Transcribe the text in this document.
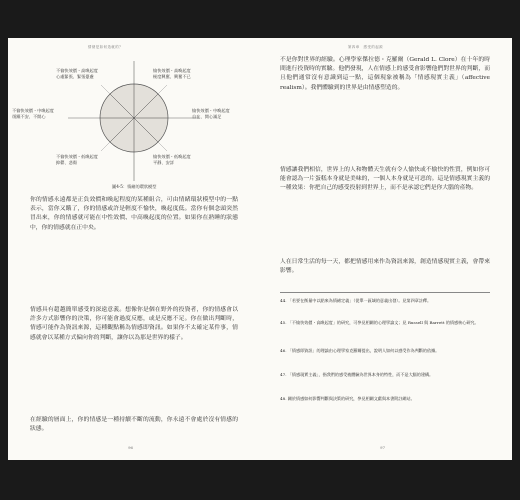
情緒是如何造就的？
不愉快效價・高喚起度
心處緊張、緊張憂慮
愉快效價・高喚起度
極度興奮、興奮不已
不愉快效價・中喚起度
煩躁不安、不開心
愉快效價・中喚起度
自在、開心滿足
不愉快效價・低喚起度
抑鬱、悲傷
愉快效價・低喚起度
平靜、安詳
圖4-5：情緒的環狀模型

你的情感永遠都是正負效價和喚起程度的某種組合，可由情緒環狀模型中的一點表示，當你又餓了，你的情感或許是輕度不愉快，喚起度低。當你有個念頭突然冒出來，你的情感就可能在中性效價、中高喚起度的位置。如果你在熟睡的狀態中，你的情感就在正中央。

情感具有超越簡單感受的深遠意義。想像你是個在野外的投資者，你的情感會以許多方式影響你的決策，你可能會過度反應，或是反應不足。你在做出判斷時，情感可能作為資訊來源，這種觀點稱為情感即資訊。如果你不太確定某件事，情感就會以某種方式偏向你的判斷，讓你以為那是世界的樣子。

在經驗的層面上，你的情感是一種持續不斷的流動，你永遠不會處於沒有情感的狀態。

96
第四章　感受的起源

不是你對世界的經驗。心理學家傑拉德・克羅爾（Gerald L. Clore）在十年的時間進行投資時的實驗。他們發現，人在情感上的感受會影響他們對世界的判斷，而且他們通常沒有意識到這一點，這個現象被稱為「情感現實主義」（affective realism）。我們體驗到的世界是由情感塑造的。

情感讓我們相信，世界上的人和物體天生就有令人愉快或不愉快的性質，例如你可能會認為一片蛋糕本身就是美味的，一個人本身就是可惡的。這是情感現實主義的一種效果：你把自己的感受投射到世界上，而不是承認它們是你大腦的產物。

人在日常生活的每一天，都把情感用來作為資訊來源，創造情感現實主義，會帶來影響。

44. 「若要在衡量中以點來為情緒定義」（從單一區域的意義出發）。見第四章註釋。

45. 「不愉快效價・高喚起度」的研究，可參見相關的心理學論文；見 Russell 與 Barrett 的情感核心研究。

46. 「情感即資訊」的理論由心理學家克羅爾提出，說明人如何以感受作為判斷的依據。

47. 「情感現實主義」，指我們的感受被體驗為世界本身的特性，而不是大腦的建構。

48. 關於情感如何影響判斷與決策的研究，參見相關文獻與本書附註網站。

97
